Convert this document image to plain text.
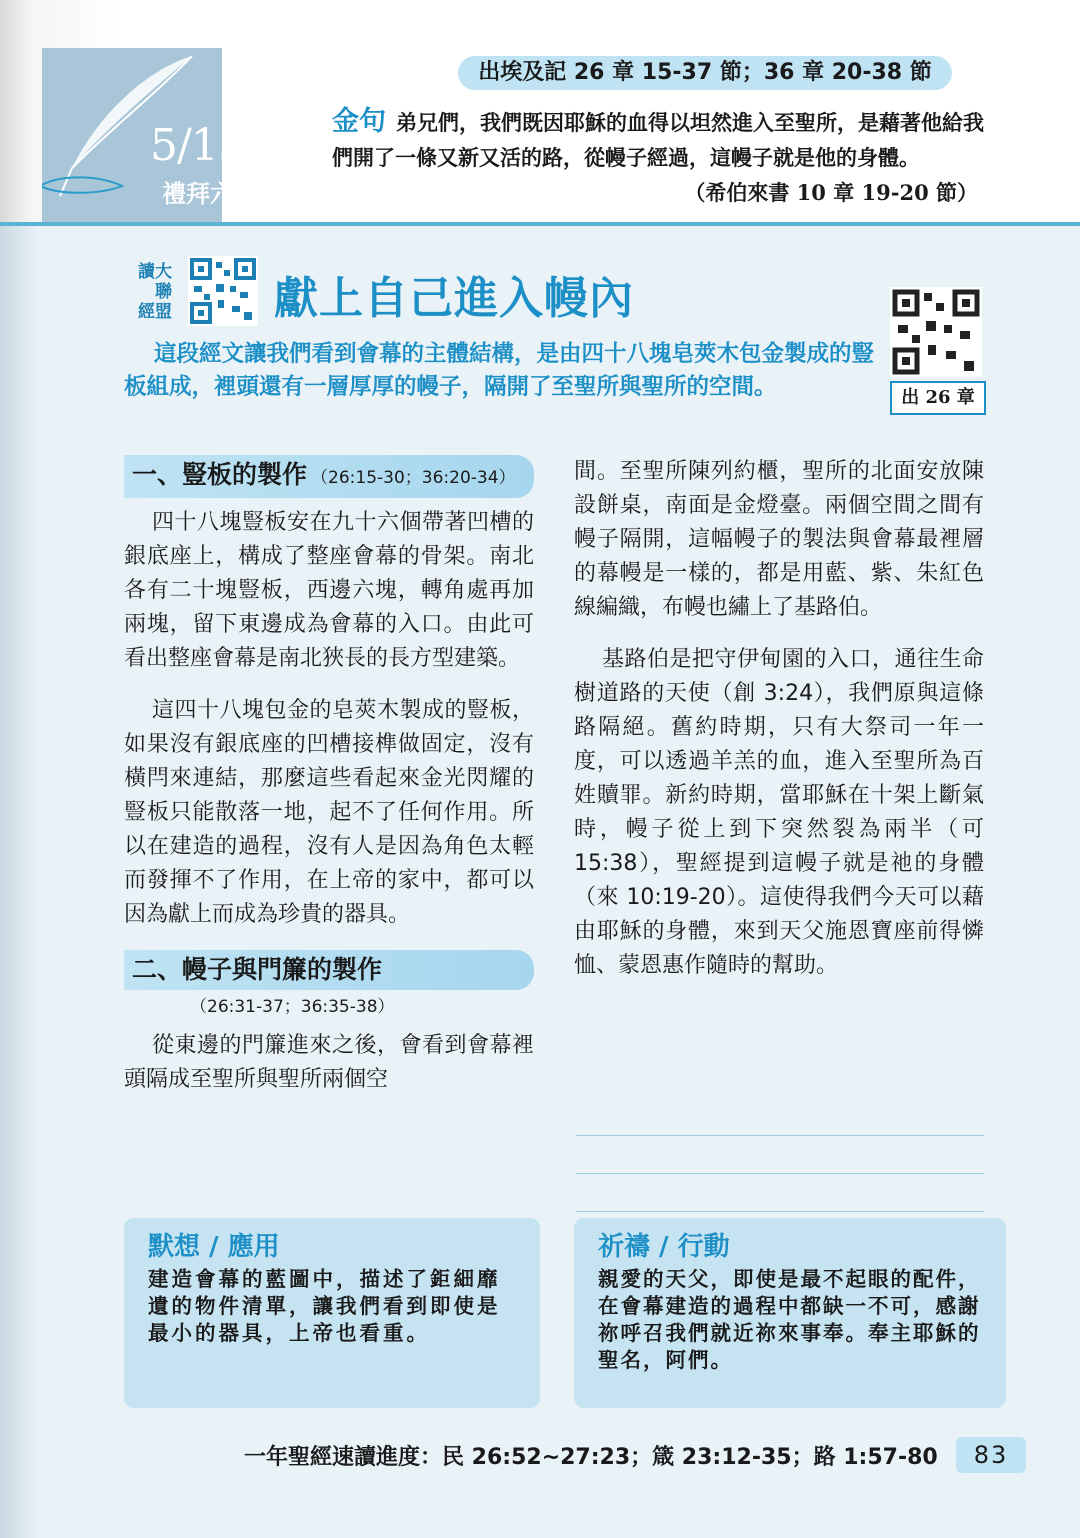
5/15
禮拜六
出埃及記 26 章 15-37 節；36 章 20-38 節
金句 弟兄們，我們既因耶穌的血得以坦然進入至聖所，是藉著他給我們開了一條又新又活的路，從幔子經過，這幔子就是他的身體。
（希伯來書 10 章 19-20 節）
讀大
　聯
經盟 獻上自己進入幔內
出 26 章
這段經文讓我們看到會幕的主體結構，是由四十八塊皂莢木包金製成的豎板組成，裡頭還有一層厚厚的幔子，隔開了至聖所與聖所的空間。
一、豎板的製作 （26:15-30；36:20-34）

四十八塊豎板安在九十六個帶著凹槽的銀底座上，構成了整座會幕的骨架。南北各有二十塊豎板，西邊六塊，轉角處再加兩塊，留下東邊成為會幕的入口。由此可看出整座會幕是南北狹長的長方型建築。

這四十八塊包金的皂莢木製成的豎板，如果沒有銀底座的凹槽接榫做固定，沒有橫閂來連結，那麼這些看起來金光閃耀的豎板只能散落一地，起不了任何作用。所以在建造的過程，沒有人是因為角色太輕而發揮不了作用，在上帝的家中，都可以因為獻上而成為珍貴的器具。

二、幔子與門簾的製作
（26:31-37；36:35-38）

從東邊的門簾進來之後，會看到會幕裡頭隔成至聖所與聖所兩個空

間。至聖所陳列約櫃，聖所的北面安放陳設餅桌，南面是金燈臺。兩個空間之間有幔子隔開，這幅幔子的製法與會幕最裡層的幕幔是一樣的，都是用藍、紫、朱紅色線編織，布幔也繡上了基路伯。

基路伯是把守伊甸園的入口，通往生命樹道路的天使（創 3:24），我們原與這條路隔絕。舊約時期，只有大祭司一年一度，可以透過羊羔的血，進入至聖所為百姓贖罪。新約時期，當耶穌在十架上斷氣時，幔子從上到下突然裂為兩半（可 15:38），聖經提到這幔子就是祂的身體（來 10:19-20）。這使得我們今天可以藉由耶穌的身體，來到天父施恩寶座前得憐恤、蒙恩惠作隨時的幫助。

默想 / 應用
建造會幕的藍圖中，描述了鉅細靡遺的物件清單，讓我們看到即使是最小的器具，上帝也看重。
祈禱 / 行動
親愛的天父，即使是最不起眼的配件，在會幕建造的過程中都缺一不可，感謝祢呼召我們就近祢來事奉。奉主耶穌的聖名，阿們。
一年聖經速讀進度：民 26:52~27:23；箴 23:12-35；路 1:57-80	83
